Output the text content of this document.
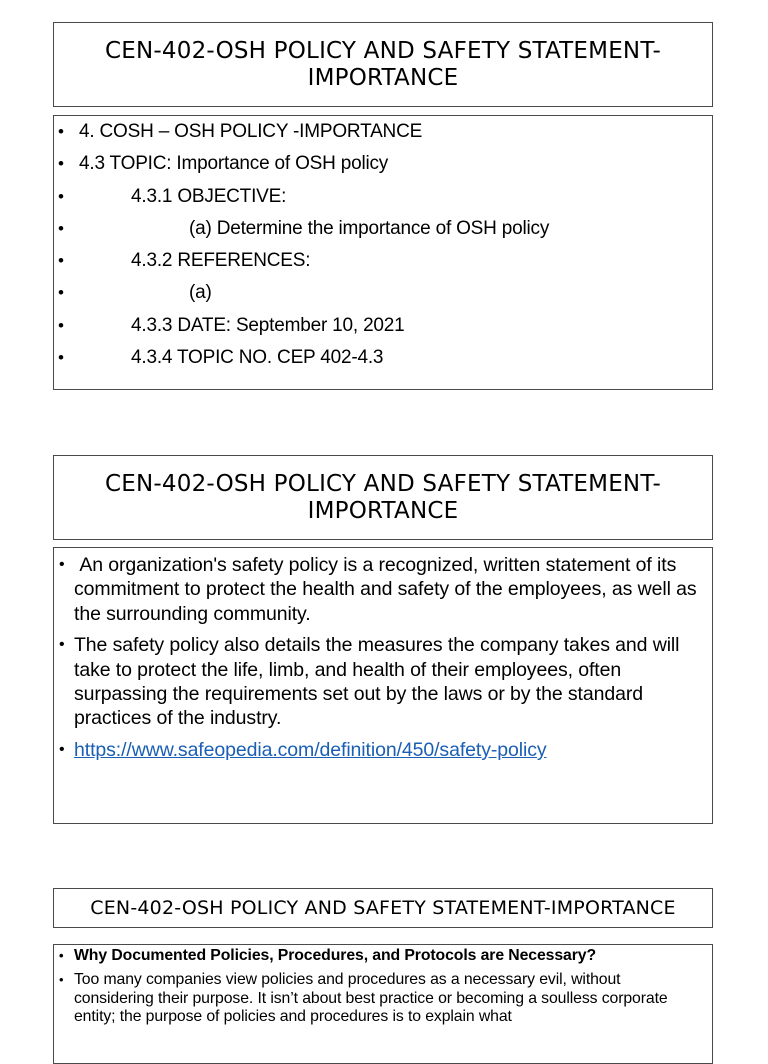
CEN-402-OSH POLICY AND SAFETY STATEMENT-
IMPORTANCE
• 4. COSH – OSH POLICY -IMPORTANCE
• 4.3 TOPIC: Importance of OSH policy
•	4.3.1 OBJECTIVE:
•	(a) Determine the importance of OSH policy
•	4.3.2 REFERENCES:
•	(a)
•	4.3.3 DATE: September 10, 2021
•	4.3.4 TOPIC NO. CEP 402-4.3
CEN-402-OSH POLICY AND SAFETY STATEMENT-
IMPORTANCE
• An organization's safety policy is a recognized, written statement of its commitment to protect the health and safety of the employees, as well as the surrounding community.
• The safety policy also details the measures the company takes and will take to protect the life, limb, and health of their employees, often surpassing the requirements set out by the laws or by the standard practices of the industry.
• https://www.safeopedia.com/definition/450/safety-policy
CEN-402-OSH POLICY AND SAFETY STATEMENT-IMPORTANCE
• Why Documented Policies, Procedures, and Protocols are Necessary?
• Too many companies view policies and procedures as a necessary evil, without considering their purpose. It isn’t about best practice or becoming a soulless corporate entity; the purpose of policies and procedures is to explain what
